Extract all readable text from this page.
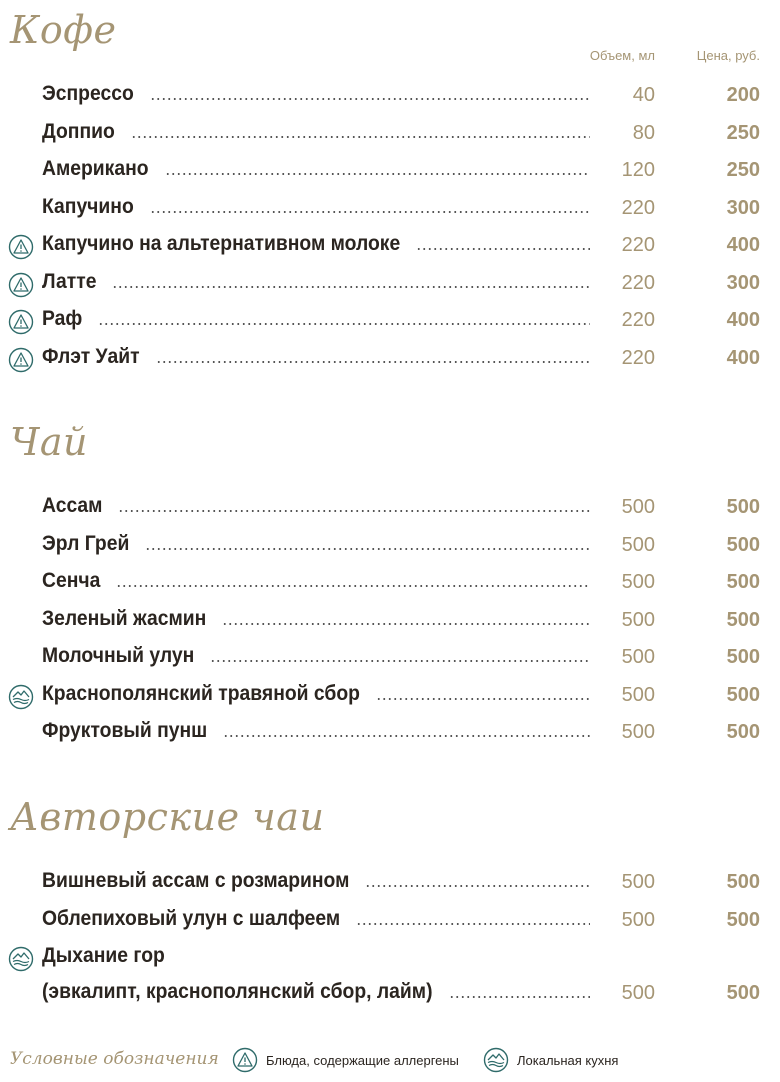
Кофе
Объем, мл	Цена, руб.
Эспрессо	40	200
Доппио	80	250
Американо	120	250
Капучино	220	300
Капучино на альтернативном молоке	220	400
Латте	220	300
Раф	220	400
Флэт Уайт	220	400
Чай
Ассам	500	500
Эрл Грей	500	500
Сенча	500	500
Зеленый жасмин	500	500
Молочный улун	500	500
Краснополянский травяной сбор	500	500
Фруктовый пунш	500	500
Авторские чаи
Вишневый ассам с розмарином	500	500
Облепиховый улун с шалфеем	500	500
Дыхание гор
(эвкалипт, краснополянский сбор, лайм)	500	500
Условные обозначения	Блюда, содержащие аллергены	Локальная кухня
